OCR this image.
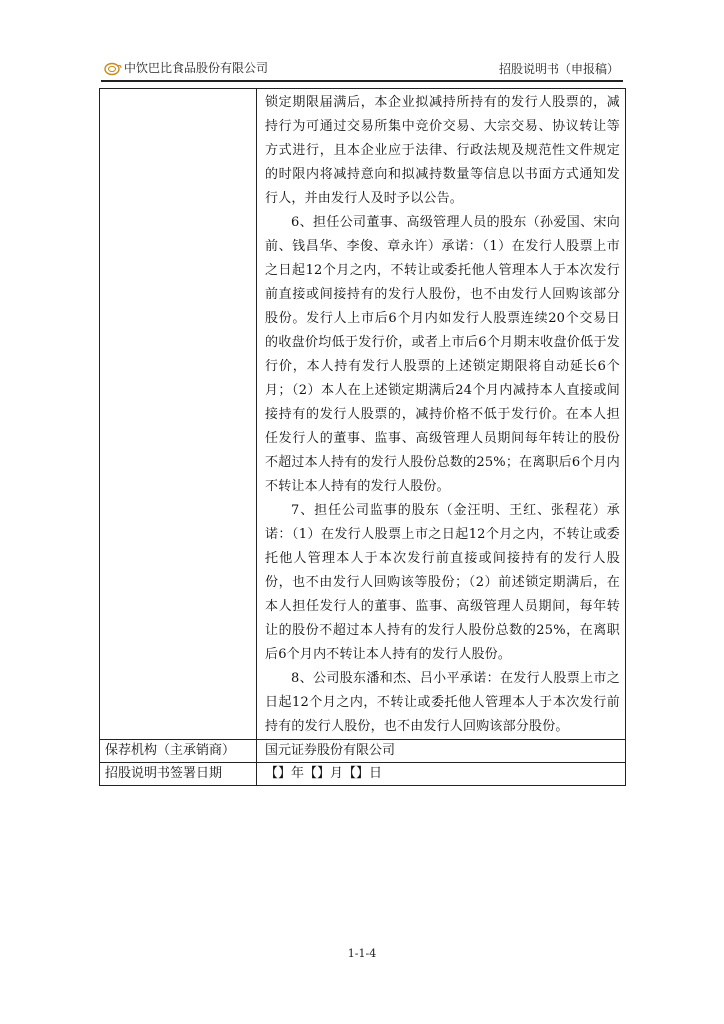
中饮巴比食品股份有限公司	招股说明书（申报稿）

	锁定期限届满后，本企业拟减持所持有的发行人股票的，减持行为可通过交易所集中竞价交易、大宗交易、协议转让等方式进行，且本企业应于法律、行政法规及规范性文件规定的时限内将减持意向和拟减持数量等信息以书面方式通知发行人，并由发行人及时予以公告。

6、担任公司董事、高级管理人员的股东（孙爱国、宋向前、钱昌华、李俊、章永许）承诺：（1）在发行人股票上市之日起12个月之内，不转让或委托他人管理本人于本次发行前直接或间接持有的发行人股份，也不由发行人回购该部分股份。发行人上市后6个月内如发行人股票连续20个交易日的收盘价均低于发行价，或者上市后6个月期末收盘价低于发行价，本人持有发行人股票的上述锁定期限将自动延长6个月；（2）本人在上述锁定期满后24个月内减持本人直接或间接持有的发行人股票的，减持价格不低于发行价。在本人担任发行人的董事、监事、高级管理人员期间每年转让的股份不超过本人持有的发行人股份总数的25%；在离职后6个月内不转让本人持有的发行人股份。

7、担任公司监事的股东（金汪明、王红、张程花）承诺：（1）在发行人股票上市之日起12个月之内，不转让或委托他人管理本人于本次发行前直接或间接持有的发行人股份，也不由发行人回购该等股份；（2）前述锁定期满后，在本人担任发行人的董事、监事、高级管理人员期间，每年转让的股份不超过本人持有的发行人股份总数的25%，在离职后6个月内不转让本人持有的发行人股份。

8、公司股东潘和杰、吕小平承诺：在发行人股票上市之日起12个月之内，不转让或委托他人管理本人于本次发行前持有的发行人股份，也不由发行人回购该部分股份。

保荐机构（主承销商）	国元证券股份有限公司
招股说明书签署日期	【】年【】月【】日
1-1-4
